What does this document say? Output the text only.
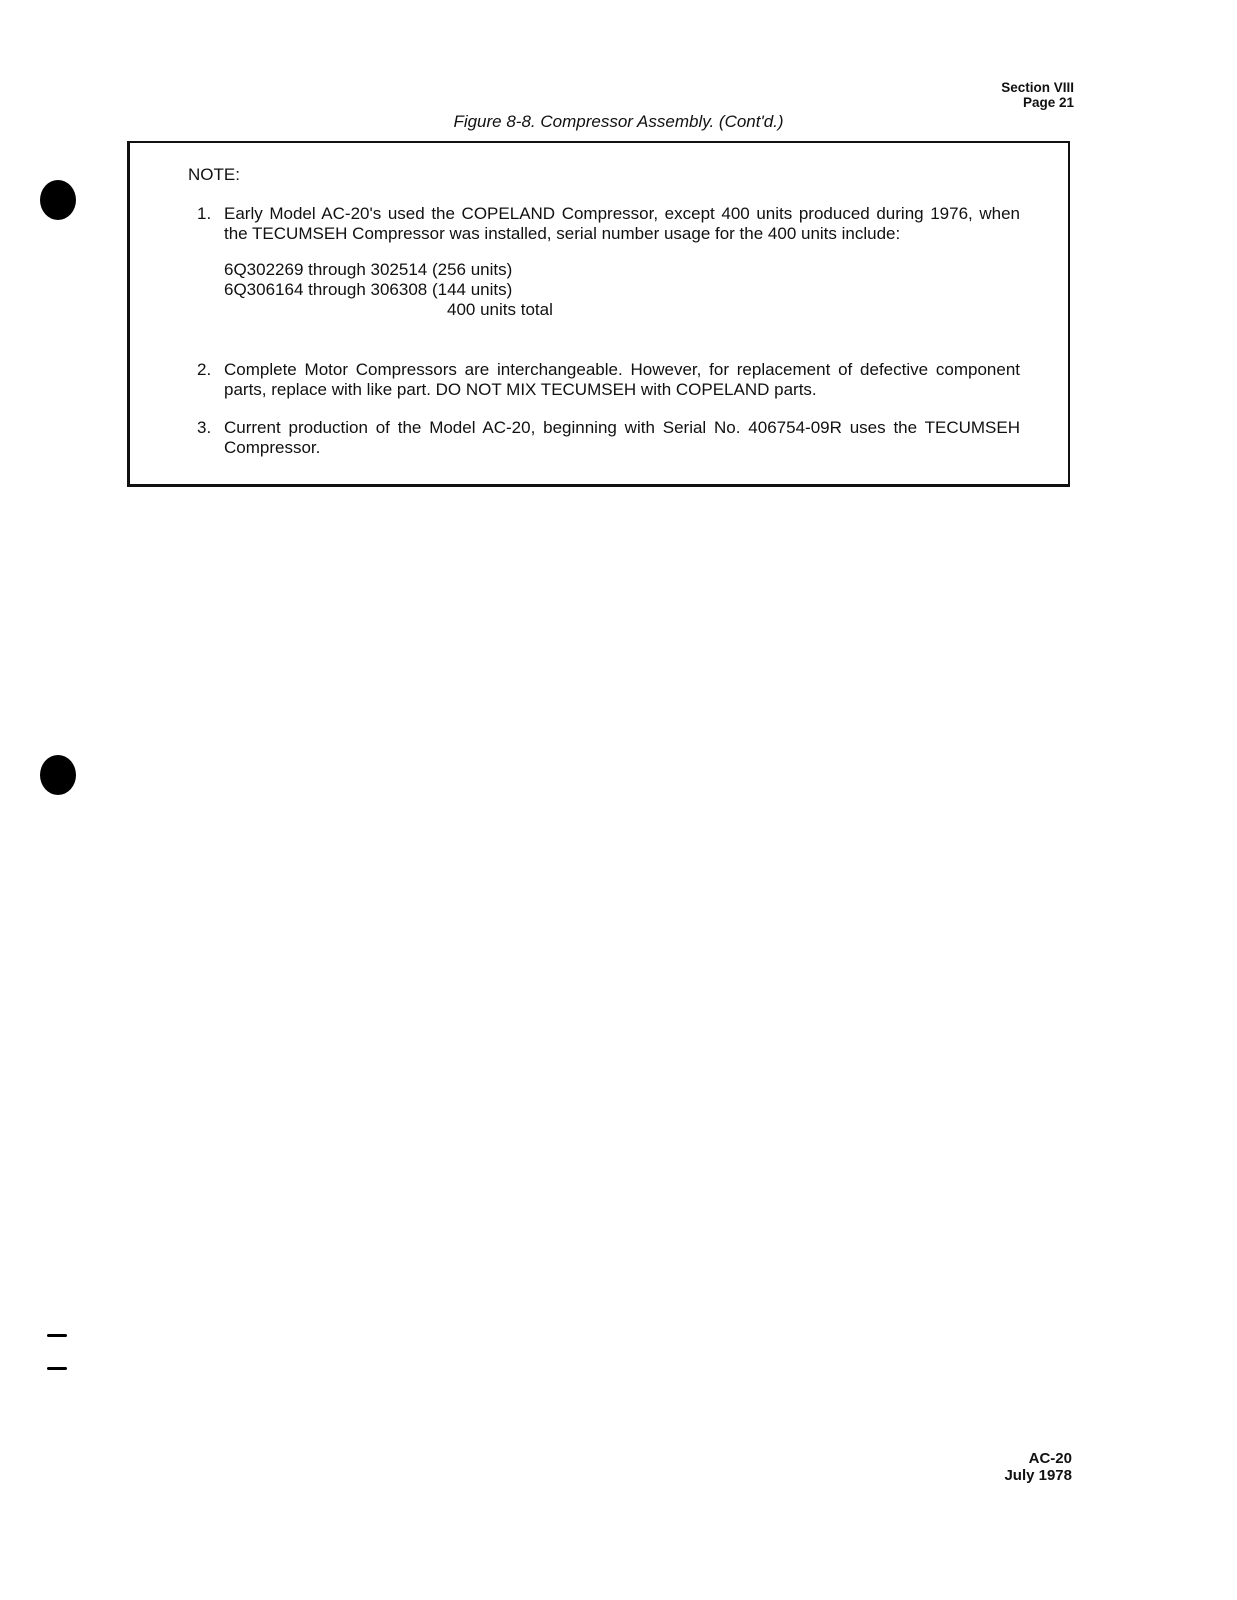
Section VIII
Page 21
Figure 8-8. Compressor Assembly. (Cont'd.)
NOTE:
1. Early Model AC-20's used the COPELAND Compressor, except 400 units produced during 1976, when the TECUMSEH Compressor was installed, serial number usage for the 400 units include:
6Q302269 through 302514 (256 units)
6Q306164 through 306308 (144 units)
400 units total
2. Complete Motor Compressors are interchangeable. However, for replacement of defective component parts, replace with like part. DO NOT MIX TECUMSEH with COPELAND parts.
3. Current production of the Model AC-20, beginning with Serial No. 406754-09R uses the TECUMSEH Compressor.
AC-20
July 1978
